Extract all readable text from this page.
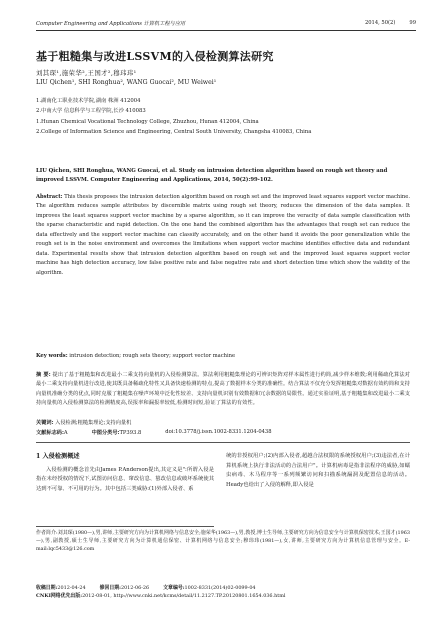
Computer Engineering and Applications 计算机工程与应用	2014, 50(2)	99
基于粗糙集与改进LSSVM的入侵检测算法研究
刘其琛¹,施荣华²,王国才²,穆玮玮¹
LIU Qichen¹, SHI Ronghua², WANG Guocai², MU Weiwei¹
1.湖南化工职业技术学院,湖南 株洲 412004
2.中南大学 信息科学与工程学院,长沙 410083
1.Hunan Chemical Vocational Technology College, Zhuzhou, Hunan 412004, China
2.College of Information Science and Engineering, Central South University, Changsha 410083, China
LIU Qichen, SHI Ronghua, WANG Guocai, et al. Study on intrusion detection algorithm based on rough set theory and improved LSSVM. Computer Engineering and Applications, 2014, 50(2):99-102.
Abstract: This thesis proposes the intrusion detection algorithm based on rough set and the improved least squares support vector machine. The algorithm reduces sample attributes by discernible matrix using rough set theory, reduces the dimension of the data samples. It improves the least squares support vector machine by a sparse algorithm, so it can improve the veracity of data sample classification with the sparse characteristic and rapid detection. On the one hand the combined algorithm has the advantages that rough set can reduce the data effectively and the support vector machine can classify accurately, and on the other hand it avoids the poor generalization while the rough set is in the noise environment and overcomes the limitations when support vector machine identifies effective data and redundant data. Experimental results show that intrusion detection algorithm based on rough set and the improved least squares support vector machine has high detection accuracy, low false positive rate and false negative rate and short detection time which show the validity of the algorithm.
Key words: intrusion detection; rough sets theory; support vector machine
摘 要: 提出了基于粗糙集和改进最小二乘支持向量机的入侵检测算法。算法利用粗糙集理论的可辨识矩阵对样本属性进行约简,减少样本维数;利用稀疏化算法对最小二乘支持向量机进行改进,使其既具备稀疏化特性又具备快速检测的特点,提高了数据样本分类的准确性。结合算法不仅充分发挥粗糙集对数据有效约简和支持向量机准确分类的优点,同时克服了粗糙集在噪声环境中泛化性较差、支持向量机识别有效数据和冗余数据的局限性。通过实验证明,基于粗糙集和改进最小二乘支持向量机的入侵检测算法的检测精度高,误报率和漏报率较低,检测时间短,验证了算法的有效性。
关键词: 入侵检测;粗糙集理论;支持向量机
文献标志码:A	中图分类号:TP393.8	doi:10.3778/j.issn.1002-8331.1204-0438
1 入侵检测概述
入侵检测的概念首先由James P.Anderson提出,其定义是":所谓入侵是指在未经授权的情况下,试图访问信息、窜改信息、篡改信息或破坏系统使其达到不可靠、不可用的行为。其中包括三类威胁:(1)外部入侵者、系
统的非授权用户;(2)内部入侵者,超越合法权限的系统授权用户;(3)违法者,在计算机系统上执行非法活动的合法用户"。计算机病毒是指非法程序的威胁,如蠕虫病毒、木马程序等一系列频繁访问和扫描系统漏洞及配置信息的活动。Heady也给出了入侵的解释,即入侵是
作者简介:刘其琛(1980—),男,讲师,主要研究方向为计算机网络与信息安全;施荣华(1963—),男,教授,博士生导师,主要研究方向为信息安全与计算机保密技术;王国才(1963—),男,副教授,硕士生导师,主要研究方向为计算机通信保密、计算机网络与信息安全;穆玮玮(1981—),女,讲师,主要研究方向为计算机信息管理与安全。E-mail:lqc5433@126.com
收稿日期:2012-04-24	修回日期:2012-06-26	文章编号:1002-8331(2014)02-0099-04
CNKI网络优先出版:2012-08-01, http://www.cnki.net/kcms/detail/11.2127.TP.20120801.1654.036.html
